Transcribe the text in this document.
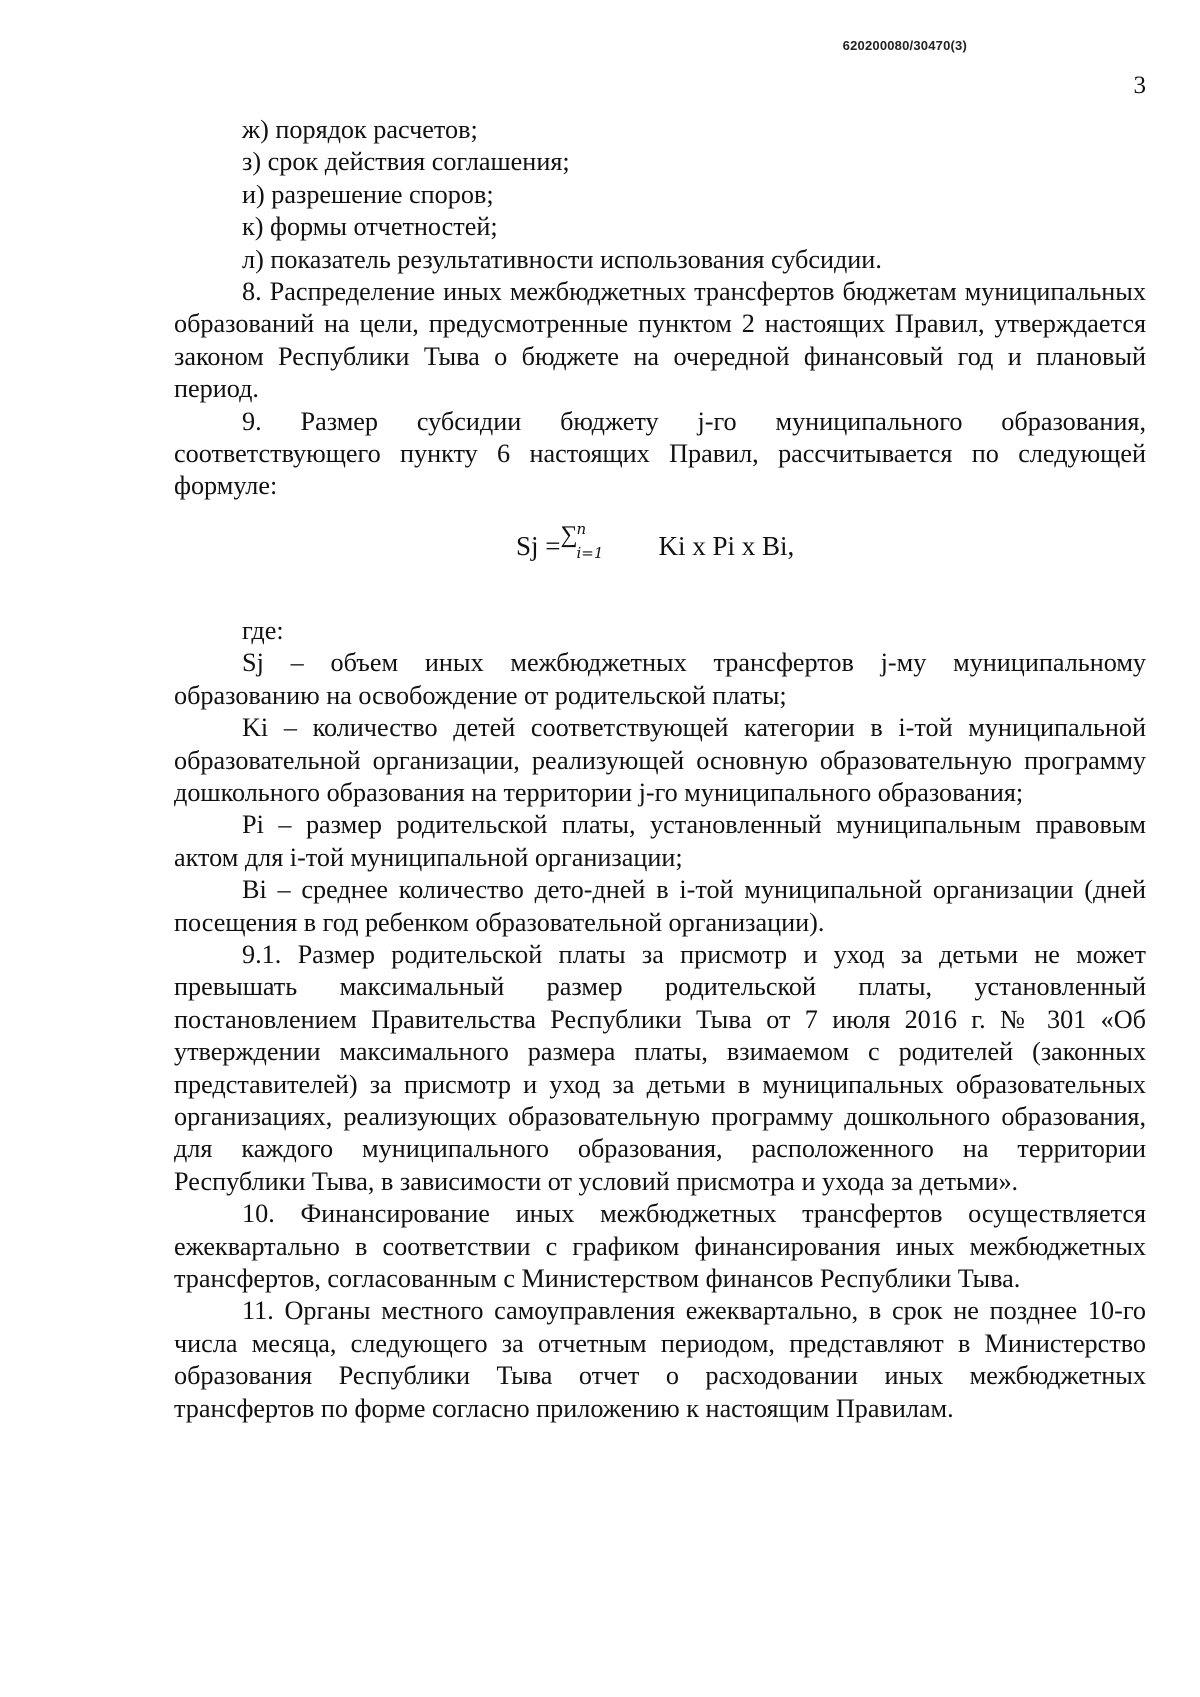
620200080/30470(3)
3

ж) порядок расчетов;

з) срок действия соглашения;

и) разрешение споров;

к) формы отчетностей;

л) показатель результативности использования субсидии.

8. Распределение иных межбюджетных трансфертов бюджетам муниципальных образований на цели, предусмотренные пунктом 2 настоящих Правил, утверждается законом Республики Тыва о бюджете на очередной финансовый год и плановый период.

9. Размер субсидии бюджету j-го муниципального образования, соответствующего пункту 6 настоящих Правил, рассчитывается по следующей формуле:

Sj = ∑
n
i=1 Ki x Pi x Bi,

где:

Sj – объем иных межбюджетных трансфертов j-му муниципальному образованию на освобождение от родительской платы;

Ki – количество детей соответствующей категории в i-той муниципальной образовательной организации, реализующей основную образовательную программу дошкольного образования на территории j-го муниципального образования;

Pi – размер родительской платы, установленный муниципальным правовым актом для i-той муниципальной организации;

Bi – среднее количество дето-дней в i-той муниципальной организации (дней посещения в год ребенком образовательной организации).

9.1. Размер родительской платы за присмотр и уход за детьми не может превышать максимальный размер родительской платы, установленный постановлением Правительства Республики Тыва от 7 июля 2016 г. № 301 «Об утверждении максимального размера платы, взимаемом с родителей (законных представителей) за присмотр и уход за детьми в муниципальных образовательных организациях, реализующих образовательную программу дошкольного образования, для каждого муниципального образования, расположенного на территории Республики Тыва, в зависимости от условий присмотра и ухода за детьми».

10. Финансирование иных межбюджетных трансфертов осуществляется ежеквартально в соответствии с графиком финансирования иных межбюджетных трансфертов, согласованным с Министерством финансов Республики Тыва.

11. Органы местного самоуправления ежеквартально, в срок не позднее 10-го числа месяца, следующего за отчетным периодом, представляют в Министерство образования Республики Тыва отчет о расходовании иных межбюджетных трансфертов по форме согласно приложению к настоящим Правилам.
